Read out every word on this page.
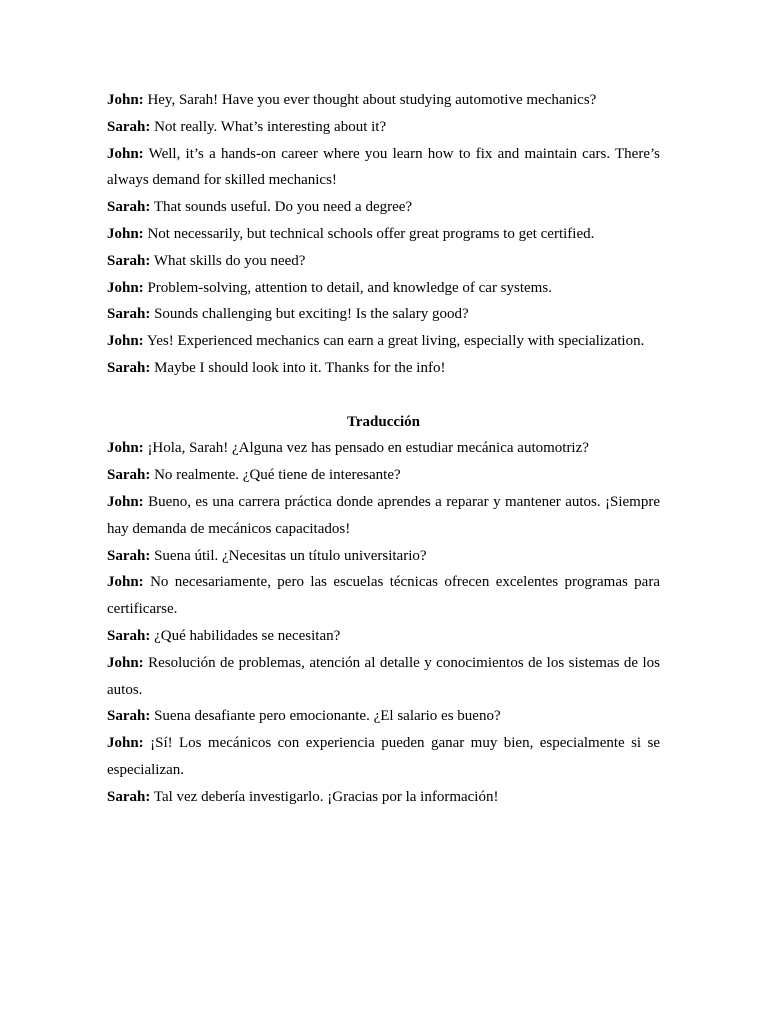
John: Hey, Sarah! Have you ever thought about studying automotive mechanics?

Sarah: Not really. What’s interesting about it?

John: Well, it’s a hands-on career where you learn how to fix and maintain cars. There’s always demand for skilled mechanics!

Sarah: That sounds useful. Do you need a degree?

John: Not necessarily, but technical schools offer great programs to get certified.

Sarah: What skills do you need?

John: Problem-solving, attention to detail, and knowledge of car systems.

Sarah: Sounds challenging but exciting! Is the salary good?

John: Yes! Experienced mechanics can earn a great living, especially with specialization.

Sarah: Maybe I should look into it. Thanks for the info!

Traducción

John: ¡Hola, Sarah! ¿Alguna vez has pensado en estudiar mecánica automotriz?

Sarah: No realmente. ¿Qué tiene de interesante?

John: Bueno, es una carrera práctica donde aprendes a reparar y mantener autos. ¡Siempre hay demanda de mecánicos capacitados!

Sarah: Suena útil. ¿Necesitas un título universitario?

John: No necesariamente, pero las escuelas técnicas ofrecen excelentes programas para certificarse.

Sarah: ¿Qué habilidades se necesitan?

John: Resolución de problemas, atención al detalle y conocimientos de los sistemas de los autos.

Sarah: Suena desafiante pero emocionante. ¿El salario es bueno?

John: ¡Sí! Los mecánicos con experiencia pueden ganar muy bien, especialmente si se especializan.

Sarah: Tal vez debería investigarlo. ¡Gracias por la información!
